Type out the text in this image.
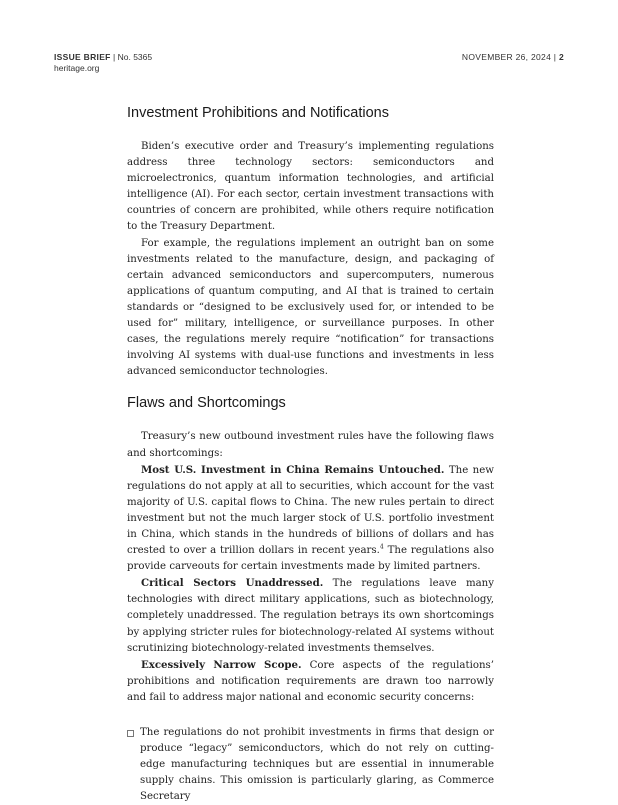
ISSUE BRIEF | No. 5365
heritage.org
NOVEMBER 26, 2024 | 2
Investment Prohibitions and Notifications

Biden’s executive order and Treasury’s implementing regulations address three technology sectors: semiconductors and microelectronics, quantum information technologies, and artificial intelligence (AI). For each sector, certain investment transactions with countries of concern are prohibited, while others require notification to the Treasury Department.

For example, the regulations implement an outright ban on some investments related to the manufacture, design, and packaging of certain advanced semiconductors and supercomputers, numerous applications of quantum computing, and AI that is trained to certain standards or “designed to be exclusively used for, or intended to be used for” military, intelligence, or surveillance purposes. In other cases, the regulations merely require “notification” for transactions involving AI systems with dual-use functions and investments in less advanced semiconductor technologies.

Flaws and Shortcomings

Treasury’s new outbound investment rules have the following flaws and shortcomings:

Most U.S. Investment in China Remains Untouched. The new regulations do not apply at all to securities, which account for the vast majority of U.S. capital flows to China. The new rules pertain to direct investment but not the much larger stock of U.S. portfolio investment in China, which stands in the hundreds of billions of dollars and has crested to over a trillion dollars in recent years.$^4$ The regulations also provide carveouts for certain investments made by limited partners.

Critical Sectors Unaddressed. The regulations leave many technologies with direct military applications, such as biotechnology, completely unaddressed. The regulation betrays its own shortcomings by applying stricter rules for biotechnology-related AI systems without scrutinizing biotechnology-related investments themselves.

Excessively Narrow Scope. Core aspects of the regulations’ prohibitions and notification requirements are drawn too narrowly and fail to address major national and economic security concerns:

The regulations do not prohibit investments in firms that design or produce “legacy” semiconductors, which do not rely on cutting-edge manufacturing techniques but are essential in innumerable supply chains. This omission is particularly glaring, as Commerce Secretary
